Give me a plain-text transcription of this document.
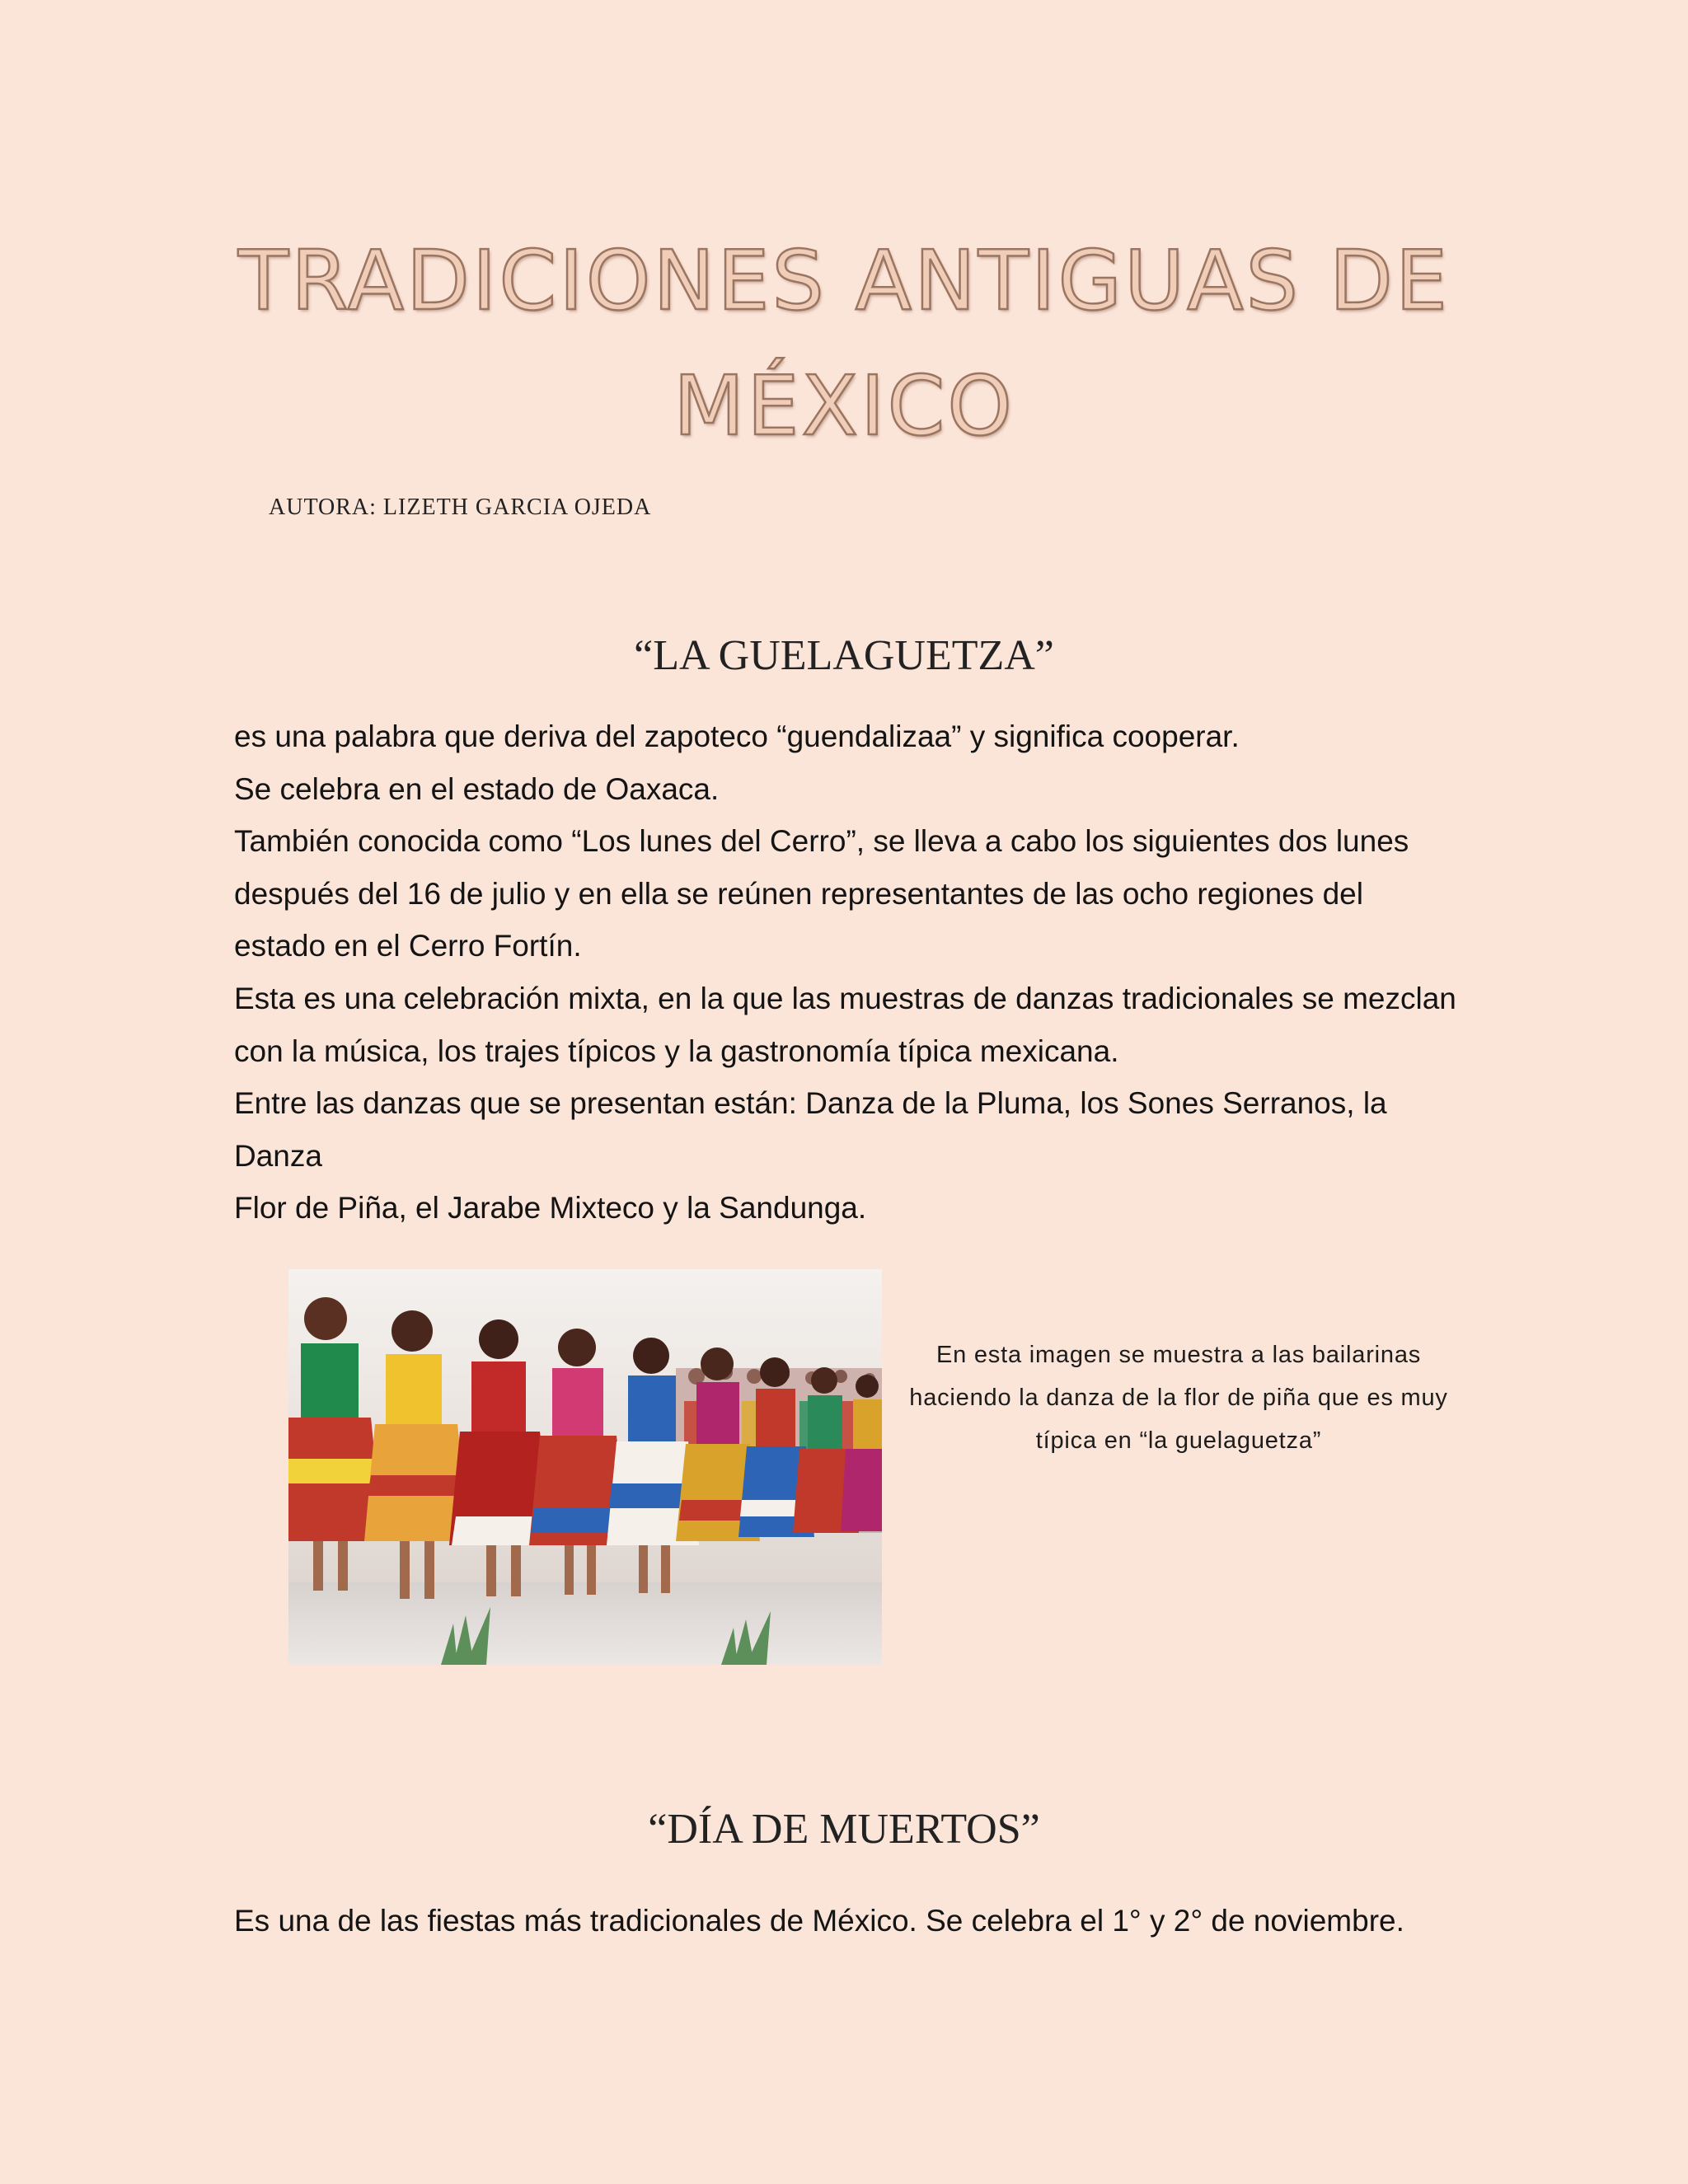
TRADICIONES ANTIGUAS DE
MÉXICO
AUTORA: LIZETH GARCIA OJEDA
“LA GUELAGUETZA”

es una palabra que deriva del zapoteco “guendalizaa” y significa cooperar.

Se celebra en el estado de Oaxaca.

También conocida como “Los lunes del Cerro”, se lleva a cabo los siguientes dos lunes

después del 16 de julio y en ella se reúnen representantes de las ocho regiones del

estado en el Cerro Fortín.

Esta es una celebración mixta, en la que las muestras de danzas tradicionales se mezclan

con la música, los trajes típicos y la gastronomía típica mexicana.

Entre las danzas que se presentan están: Danza de la Pluma, los Sones Serranos, la

Danza

Flor de Piña, el Jarabe Mixteco y la Sandunga.

En esta imagen se muestra a las bailarinas
haciendo la danza de la flor de piña que es muy
típica en “la guelaguetza”
“DÍA DE MUERTOS”
Es una de las fiestas más tradicionales de México. Se celebra el 1° y 2° de noviembre.
